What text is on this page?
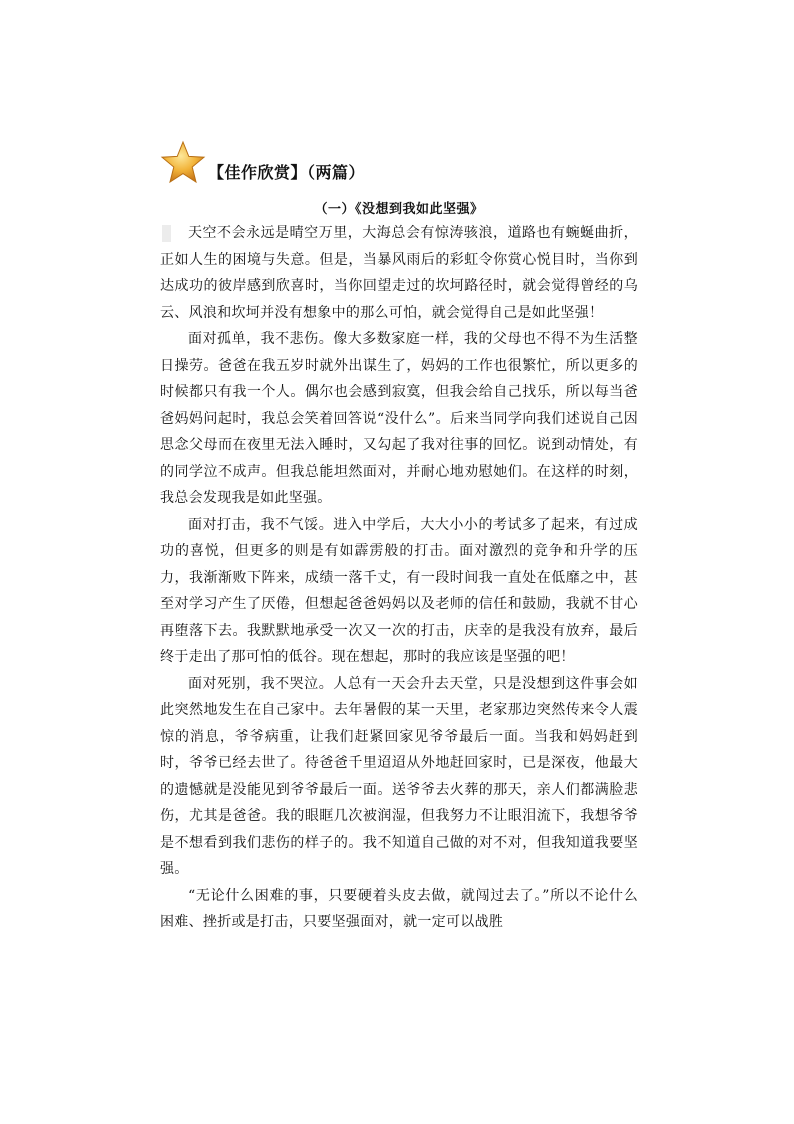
【佳作欣赏】（两篇）
（一）《没想到我如此坚强》

天空不会永远是晴空万里，大海总会有惊涛骇浪，道路也有蜿蜒曲折，正如人生的困境与失意。但是，当暴风雨后的彩虹令你赏心悦目时，当你到达成功的彼岸感到欣喜时，当你回望走过的坎坷路径时，就会觉得曾经的乌云、风浪和坎坷并没有想象中的那么可怕，就会觉得自己是如此坚强！

面对孤单，我不悲伤。像大多数家庭一样，我的父母也不得不为生活整日操劳。爸爸在我五岁时就外出谋生了，妈妈的工作也很繁忙，所以更多的时候都只有我一个人。偶尔也会感到寂寞，但我会给自己找乐，所以每当爸爸妈妈问起时，我总会笑着回答说“没什么”。后来当同学向我们述说自己因思念父母而在夜里无法入睡时，又勾起了我对往事的回忆。说到动情处，有的同学泣不成声。但我总能坦然面对，并耐心地劝慰她们。在这样的时刻，我总会发现我是如此坚强。

面对打击，我不气馁。进入中学后，大大小小的考试多了起来，有过成功的喜悦，但更多的则是有如霹雳般的打击。面对激烈的竞争和升学的压力，我渐渐败下阵来，成绩一落千丈，有一段时间我一直处在低靡之中，甚至对学习产生了厌倦，但想起爸爸妈妈以及老师的信任和鼓励，我就不甘心再堕落下去。我默默地承受一次又一次的打击，庆幸的是我没有放弃，最后终于走出了那可怕的低谷。现在想起，那时的我应该是坚强的吧！

面对死别，我不哭泣。人总有一天会升去天堂，只是没想到这件事会如此突然地发生在自己家中。去年暑假的某一天里，老家那边突然传来令人震惊的消息，爷爷病重，让我们赶紧回家见爷爷最后一面。当我和妈妈赶到时，爷爷已经去世了。待爸爸千里迢迢从外地赶回家时，已是深夜，他最大的遗憾就是没能见到爷爷最后一面。送爷爷去火葬的那天，亲人们都满脸悲伤，尤其是爸爸。我的眼眶几次被润湿，但我努力不让眼泪流下，我想爷爷是不想看到我们悲伤的样子的。我不知道自己做的对不对，但我知道我要坚强。

“无论什么困难的事，只要硬着头皮去做，就闯过去了。”所以不论什么困难、挫折或是打击，只要坚强面对，就一定可以战胜
